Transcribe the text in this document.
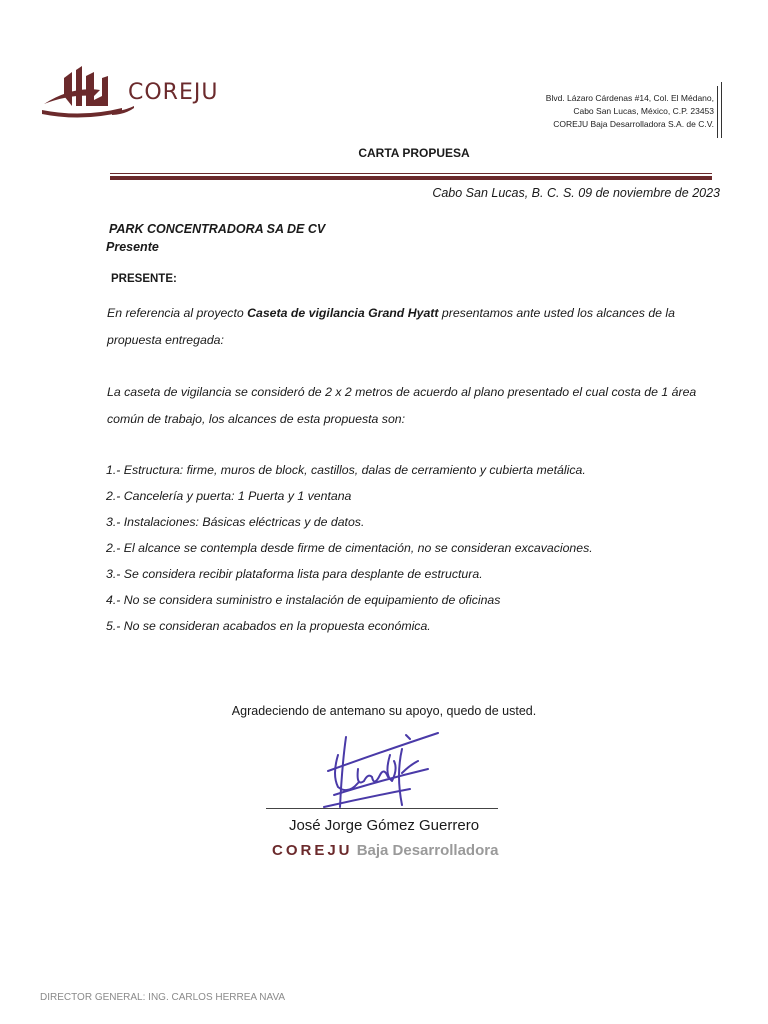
COREJU	Blvd. Lázaro Cárdenas #14, Col. El Médano,
Cabo San Lucas, México, C.P. 23453
COREJU Baja Desarrolladora S.A. de C.V.
CARTA PROPUESA
Cabo San Lucas, B. C. S. 09 de noviembre de 2023
PARK CONCENTRADORA SA DE CV
Presente
PRESENTE:
En referencia al proyecto Caseta de vigilancia Grand Hyatt presentamos ante usted los alcances de la propuesta entregada:
La caseta de vigilancia se consideró de 2 x 2 metros de acuerdo al plano presentado el cual costa de 1 área común de trabajo, los alcances de esta propuesta son:
1.- Estructura: firme, muros de block, castillos, dalas de cerramiento y cubierta metálica.
2.- Cancelería y puerta: 1 Puerta y 1 ventana
3.- Instalaciones: Básicas eléctricas y de datos.
2.- El alcance se contempla desde firme de cimentación, no se consideran excavaciones.
3.- Se considera recibir plataforma lista para desplante de estructura.
4.- No se considera suministro e instalación de equipamiento de oficinas
5.- No se consideran acabados en la propuesta económica.
Agradeciendo de antemano su apoyo, quedo de usted.
José Jorge Gómez Guerrero
COREJU Baja Desarrolladora
DIRECTOR GENERAL: ING. CARLOS HERREA NAVA
